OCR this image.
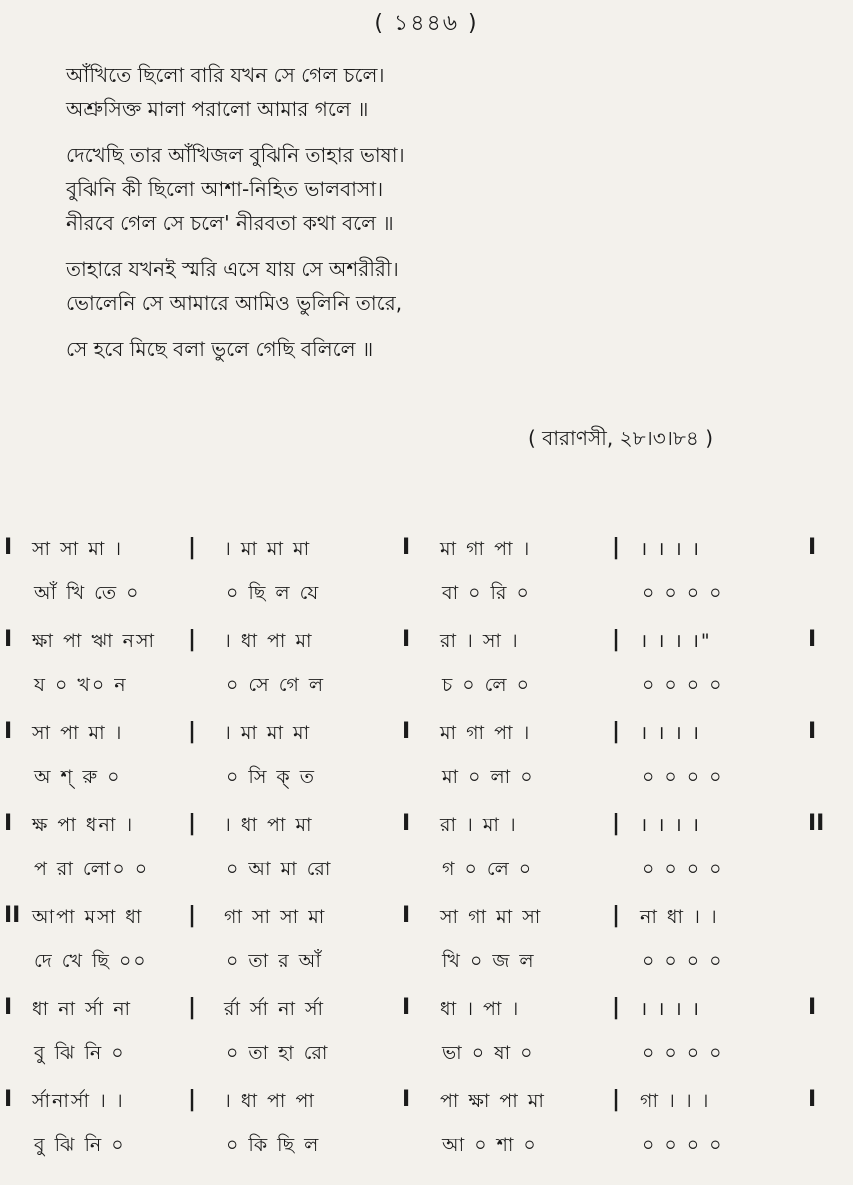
( ১৪৪৬ )
আঁখিতে ছিলো বারি যখন সে গেল চলে।
অশ্রুসিক্ত মালা পরালো আমার গলে ॥
দেখেছি তার আঁখিজল বুঝিনি তাহার ভাষা।
বুঝিনি কী ছিলো আশা-নিহিত ভালবাসা।
নীরবে গেল সে চলে' নীরবতা কথা বলে ॥
তাহারে যখনই স্মরি এসে যায় সে অশরীরী।
ভোলেনি সে আমারে আমিও ভুলিনি তারে,
সে হবে মিছে বলা ভুলে গেছি বলিলে ॥
( বারাণসী, ২৮।৩।৮৪ )
I সা সা মা ।
আঁ খি তে ০
| । মা মা মা
০ ছি ল যে
I মা গা পা ।
বা ০ রি ০
| । । । ।
০ ০ ০ ০
I
I ক্ষা পা ঋা নসা
য ০ খ০ ন
| । ধা পা মা
০ সে গে ল
I রা । সা ।
চ ০ লে ০
| । । । ।"
০ ০ ০ ০
I
I সা পা মা ।
অ শ্ রু ০
| । মা মা মা
০ সি ক্ ত
I মা গা পা ।
মা ০ লা ০
| । । । ।
০ ০ ০ ০
I
I ক্ষ পা ধনা ।
প রা লো০ ০
| । ধা পা মা
০ আ মা রো
I রা । মা ।
গ ০ লে ০
| । । । ।
০ ০ ০ ০
II
II আপা মসা ধা
দে খে ছি ০০
| গা সা সা মা
০ তা র আঁ
I সা গা মা সা
খি ০ জ ল
| না ধা । ।
০ ০ ০ ০
I ধা না র্সা না
বু ঝি নি ০
| র্রা র্সা না র্সা
০ তা হা রো
I ধা । পা ।
ভা ০ ষা ০
| । । । ।
০ ০ ০ ০
I
I র্সানার্সা । ।
বু ঝি নি ০
| । ধা পা পা
০ কি ছি ল
I পা ক্ষা পা মা
আ ০ শা ০
| গা । । ।
০ ০ ০ ০
I
